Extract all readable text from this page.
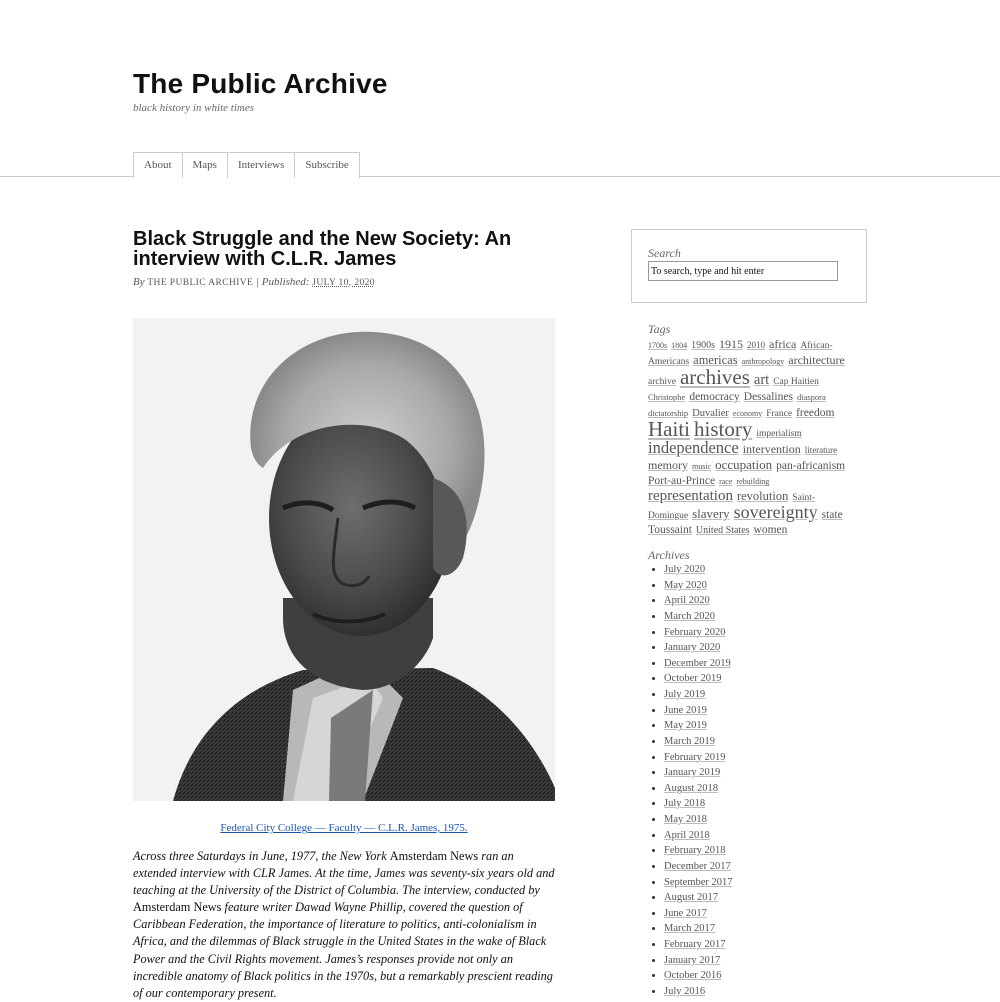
The Public Archive
black history in white times
About	Maps	Interviews	Subscribe
Black Struggle and the New Society: An interview with C.L.R. James
By THE PUBLIC ARCHIVE | Published: JULY 10, 2020
Federal City College — Faculty — C.L.R. James, 1975.

Across three Saturdays in June, 1977, the New York Amsterdam News ran an extended interview with CLR James. At the time, James was seventy-six years old and teaching at the University of the District of Columbia. The interview, conducted by Amsterdam News feature writer Dawad Wayne Phillip, covered the question of Caribbean Federation, the importance of literature to politics, anti-colonialism in Africa, and the dilemmas of Black struggle in the United States in the wake of Black Power and the Civil Rights movement. James’s responses provide not only an incredible anatomy of Black politics in the 1970s, but a remarkably prescient reading of our contemporary present.

Search
To search, type and hit enter
Tags
1700s 1804 1900s 1915 2010 africa African-Americans americas anthropology architecture archive archives art Cap Haitien Christophe democracy Dessalines diaspora dictatorship Duvalier economy France freedom Haiti history imperialism independence intervention literature memory music occupation pan-africanism Port-au-Prince race rebuilding representation revolution Saint-Domingue slavery sovereignty state Toussaint United States women
Archives
• July 2020
• May 2020
• April 2020
• March 2020
• February 2020
• January 2020
• December 2019
• October 2019
• July 2019
• June 2019
• May 2019
• March 2019
• February 2019
• January 2019
• August 2018
• July 2018
• May 2018
• April 2018
• February 2018
• December 2017
• September 2017
• August 2017
• June 2017
• March 2017
• February 2017
• January 2017
• October 2016
• July 2016
